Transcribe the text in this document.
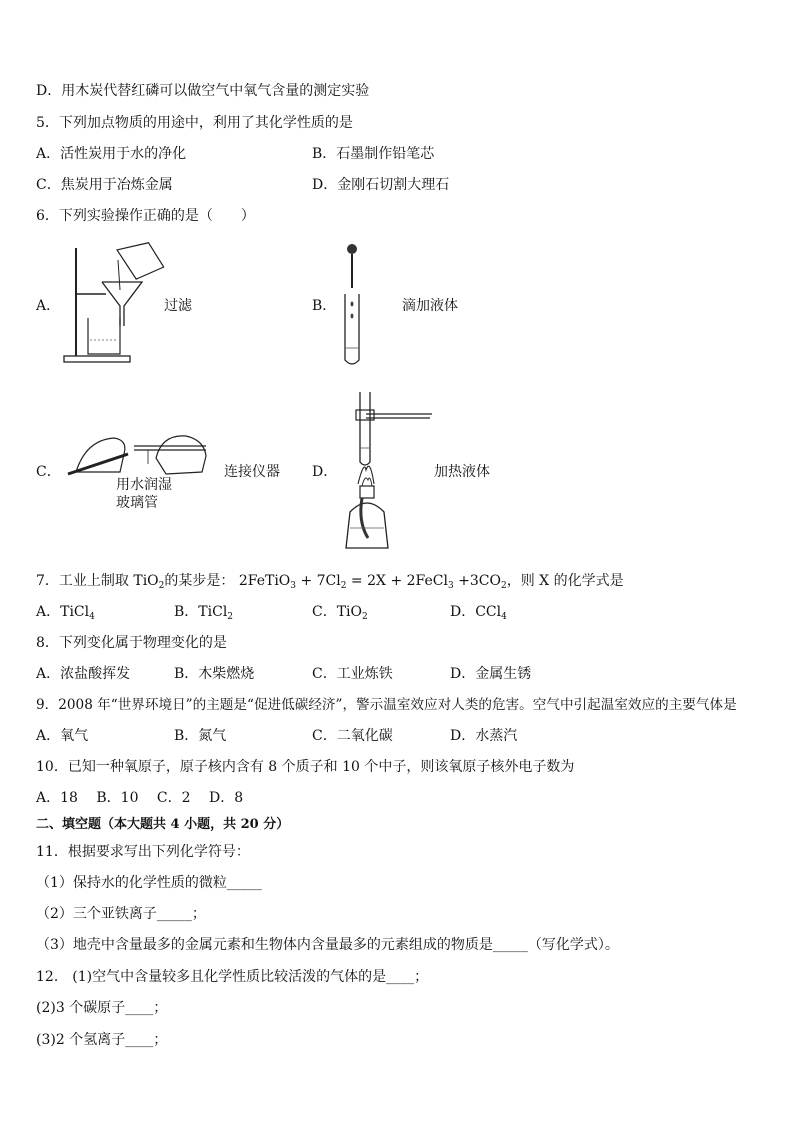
D．用木炭代替红磷可以做空气中氧气含量的测定实验
5．下列加点物质的用途中，利用了其化学性质的是
A．活性炭用于水的净化	B．石墨制作铅笔芯
C．焦炭用于冶炼金属	D．金刚石切割大理石
6．下列实验操作正确的是（　　）
A．	过滤	B．	滴加液体
C．
用水润湿
玻璃管
连接仪器 D．	加热液体
7．工业上制取 TiO$_2$的某步是： 2FeTiO$_3$ + $7Cl_2 = 2X$ + 2FeCl$_3$ $+3CO_2$，则 X 的化学式是
A．TiCl$_4$	B．TiCl$_2$	C．TiO$_2$	D．CCl$_4$
8．下列变化属于物理变化的是
A．浓盐酸挥发	B．木柴燃烧	C．工业炼铁	D．金属生锈
9．2008 年“世界环境日”的主题是“促进低碳经济”，警示温室效应对人类的危害。空气中引起温室效应的主要气体是
A．氧气	B．氮气	C．二氧化碳	D．水蒸汽
10．已知一种氧原子，原子核内含有 8 个质子和 10 个中子，则该氧原子核外电子数为
A．18　 B．10　 C．2　 D．8
二、填空题（本大题共 4 小题，共 20 分）
11．根据要求写出下列化学符号：
（1）保持水的化学性质的微粒_____
（2）三个亚铁离子_____；
（3）地壳中含量最多的金属元素和生物体内含量最多的元素组成的物质是_____（写化学式）。
12． (1)空气中含量较多且化学性质比较活泼的气体的是____；
(2)3 个碳原子____；
(3)2 个氢离子____；
